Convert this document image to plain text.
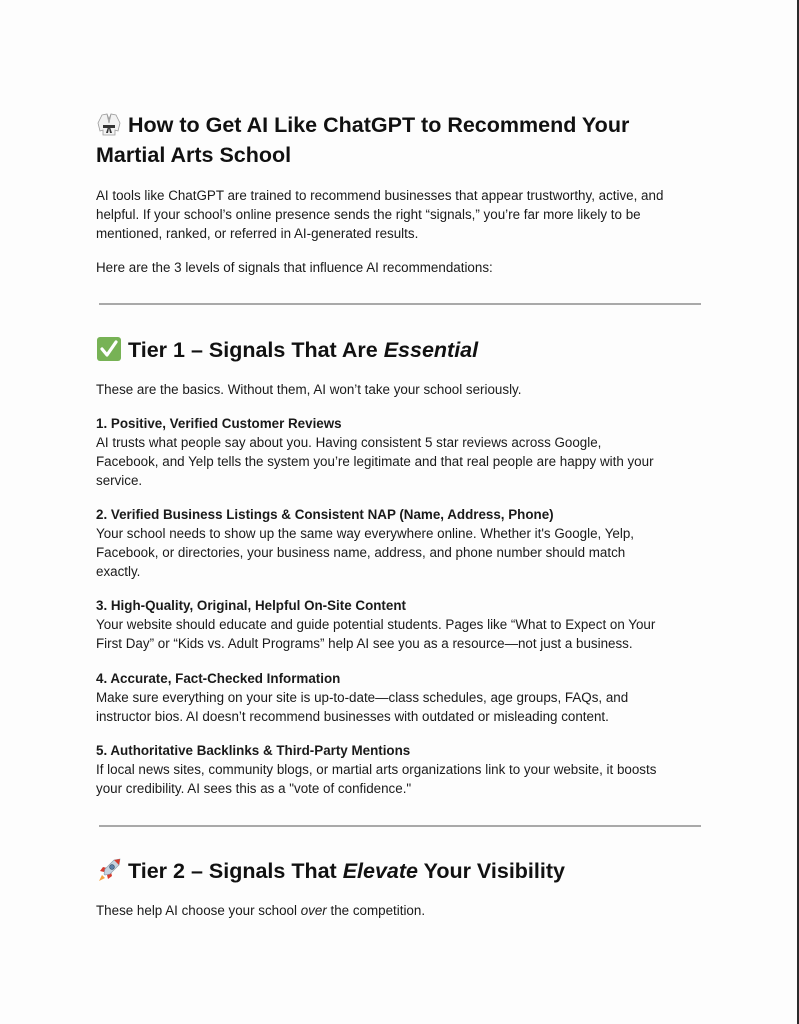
How to Get AI Like ChatGPT to Recommend Your
Martial Arts School
AI tools like ChatGPT are trained to recommend businesses that appear trustworthy, active, and
helpful. If your school’s online presence sends the right “signals,” you’re far more likely to be
mentioned, ranked, or referred in AI-generated results.
Here are the 3 levels of signals that influence AI recommendations:
Tier 1 – Signals That Are Essential
These are the basics. Without them, AI won’t take your school seriously.
1. Positive, Verified Customer Reviews
AI trusts what people say about you. Having consistent 5 star reviews across Google,
Facebook, and Yelp tells the system you’re legitimate and that real people are happy with your
service.
2. Verified Business Listings & Consistent NAP (Name, Address, Phone)
Your school needs to show up the same way everywhere online. Whether it's Google, Yelp,
Facebook, or directories, your business name, address, and phone number should match
exactly.
3. High-Quality, Original, Helpful On-Site Content
Your website should educate and guide potential students. Pages like “What to Expect on Your
First Day” or “Kids vs. Adult Programs” help AI see you as a resource—not just a business.
4. Accurate, Fact-Checked Information
Make sure everything on your site is up-to-date—class schedules, age groups, FAQs, and
instructor bios. AI doesn’t recommend businesses with outdated or misleading content.
5. Authoritative Backlinks & Third-Party Mentions
If local news sites, community blogs, or martial arts organizations link to your website, it boosts
your credibility. AI sees this as a "vote of confidence."
Tier 2 – Signals That Elevate Your Visibility
These help AI choose your school over the competition.
